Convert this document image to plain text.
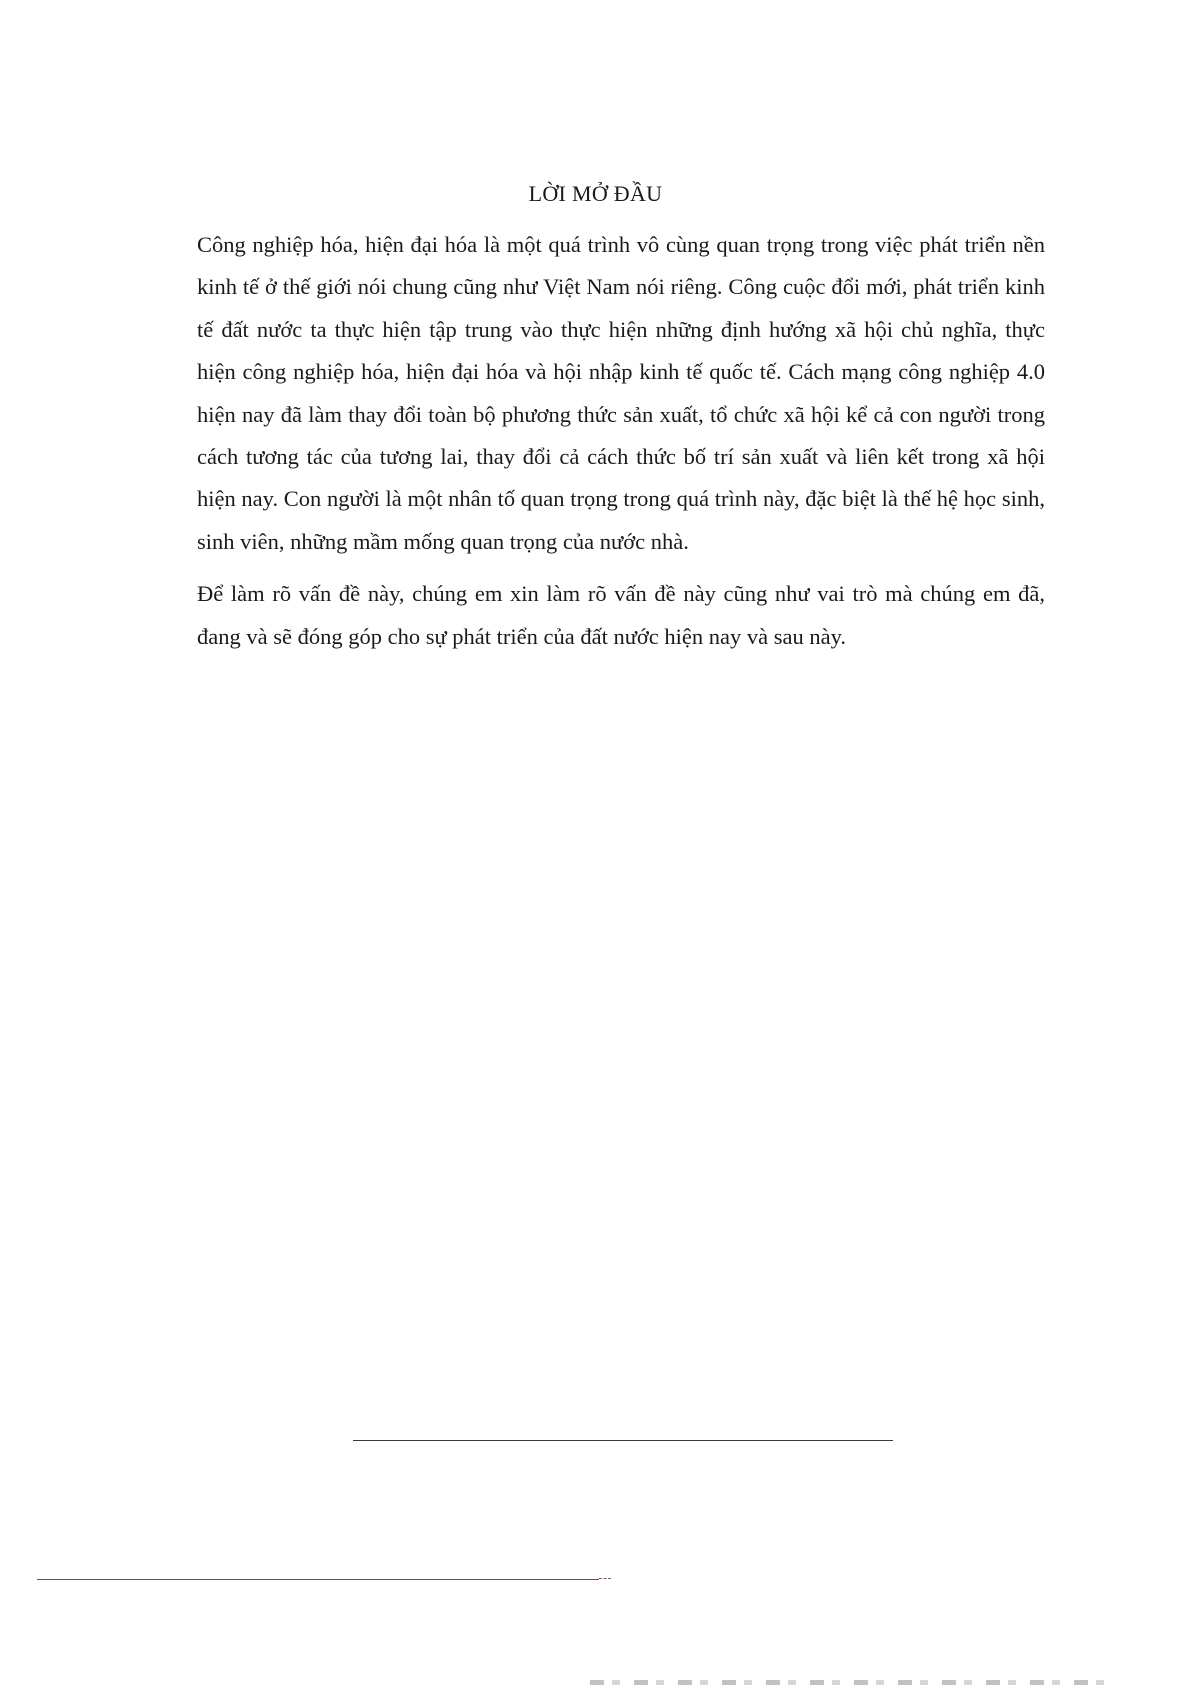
LỜI MỞ ĐẦU

Công nghiệp hóa, hiện đại hóa là một quá trình vô cùng quan trọng trong việc phát triển nền kinh tế ở thế giới nói chung cũng như Việt Nam nói riêng. Công cuộc đổi mới, phát triển kinh tế đất nước ta thực hiện tập trung vào thực hiện những định hướng xã hội chủ nghĩa, thực hiện công nghiệp hóa, hiện đại hóa và hội nhập kinh tế quốc tế. Cách mạng công nghiệp 4.0 hiện nay đã làm thay đổi toàn bộ phương thức sản xuất, tổ chức xã hội kể cả con người trong cách tương tác của tương lai, thay đổi cả cách thức bố trí sản xuất và liên kết trong xã hội hiện nay. Con người là một nhân tố quan trọng trong quá trình này, đặc biệt là thế hệ học sinh, sinh viên, những mầm mống quan trọng của nước nhà.

Để làm rõ vấn đề này, chúng em xin làm rõ vấn đề này cũng như vai trò mà chúng em đã, đang và sẽ đóng góp cho sự phát triển của đất nước hiện nay và sau này.
